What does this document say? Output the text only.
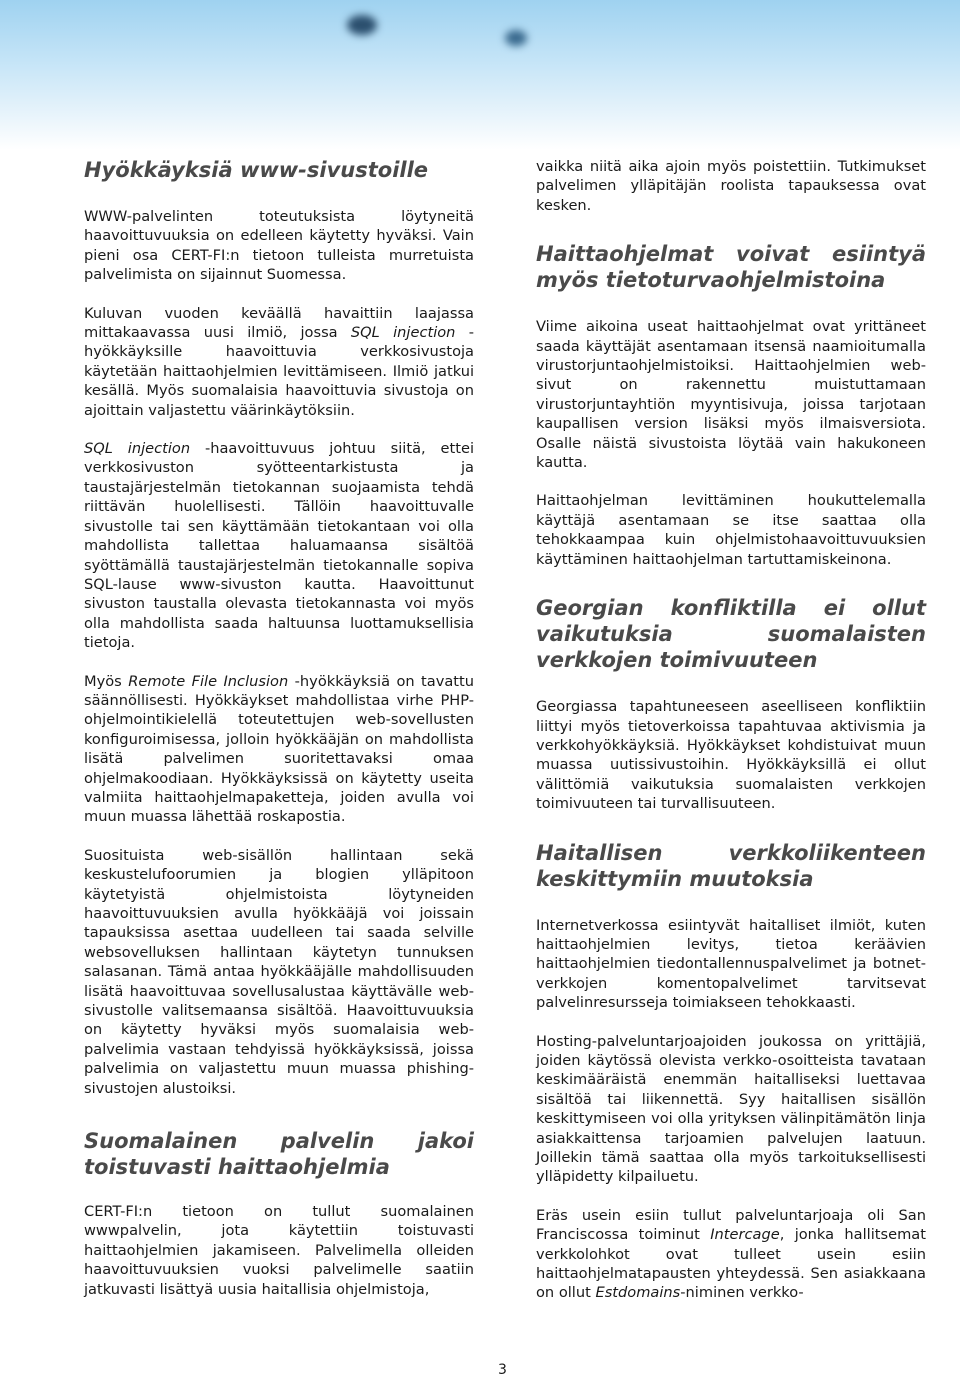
Hyökkäyksiä www-sivustoille

WWW-palvelinten toteutuksista löytyneitä haavoittuvuuksia on edelleen käytetty hyväksi. Vain pieni osa CERT-FI:n tietoon tulleista murretuista palvelimista on sijainnut Suomessa.

Kuluvan vuoden keväällä havaittiin laajassa mittakaavassa uusi ilmiö, jossa SQL injection -hyökkäyksille haavoittuvia verkkosivustoja käytetään haittaohjelmien levittämiseen. Ilmiö jatkui kesällä. Myös suomalaisia haavoittuvia sivustoja on ajoittain valjastettu väärinkäytöksiin.

SQL injection -haavoittuvuus johtuu siitä, ettei verkkosivuston syötteentarkistusta ja taustajärjestelmän tietokannan suojaamista tehdä riittävän huolellisesti. Tällöin haavoittuvalle sivustolle tai sen käyttämään tietokantaan voi olla mahdollista tallettaa haluamaansa sisältöä syöttämällä taustajärjestelmän tietokannalle sopiva SQL-lause www-sivuston kautta. Haavoittunut sivuston taustalla olevasta tietokannasta voi myös olla mahdollista saada haltuunsa luottamuksellisia tietoja.

Myös Remote File Inclusion -hyökkäyksiä on tavattu säännöllisesti. Hyökkäykset mahdollistaa virhe PHP-ohjelmointikielellä toteutettujen web-sovellusten konfiguroimisessa, jolloin hyökkääjän on mahdollista lisätä palvelimen suoritettavaksi omaa ohjelmakoodiaan. Hyökkäyksissä on käytetty useita valmiita haittaohjelmapaketteja, joiden avulla voi muun muassa lähettää roskapostia.

Suosituista web-sisällön hallintaan sekä keskustelufoorumien ja blogien ylläpitoon käytetyistä ohjelmistoista löytyneiden haavoittuvuuksien avulla hyökkääjä voi joissain tapauksissa asettaa uudelleen tai saada selville websovelluksen hallintaan käytetyn tunnuksen salasanan. Tämä antaa hyökkääjälle mahdollisuuden lisätä haavoittuvaa sovellusalustaa käyttävälle web-sivustolle valitsemaansa sisältöä. Haavoittuvuuksia on käytetty hyväksi myös suomalaisia web-palvelimia vastaan tehdyissä hyökkäyksissä, joissa palvelimia on valjastettu muun muassa phishing-sivustojen alustoiksi.

Suomalainen palvelin jakoi toistuvasti haittaohjelmia

CERT-FI:n tietoon on tullut suomalainen wwwpalvelin, jota käytettiin toistuvasti haittaohjelmien jakamiseen. Palvelimella olleiden haavoittuvuuksien vuoksi palvelimelle saatiin jatkuvasti lisättyä uusia haitallisia ohjelmistoja,

vaikka niitä aika ajoin myös poistettiin. Tutkimukset palvelimen ylläpitäjän roolista tapauksessa ovat kesken.

Haittaohjelmat voivat esiintyä myös tietoturvaohjelmistoina

Viime aikoina useat haittaohjelmat ovat yrittäneet saada käyttäjät asentamaan itsensä naamioitumalla virustorjuntaohjelmistoiksi. Haittaohjelmien web-sivut on rakennettu muistuttamaan virustorjuntayhtiön myyntisivuja, joissa tarjotaan kaupallisen version lisäksi myös ilmaisversiota. Osalle näistä sivustoista löytää vain hakukoneen kautta.

Haittaohjelman levittäminen houkuttelemalla käyttäjä asentamaan se itse saattaa olla tehokkaampaa kuin ohjelmistohaavoittuvuuksien käyttäminen haittaohjelman tartuttamiskeinona.

Georgian konfliktilla ei ollut vaikutuksia suomalaisten verkkojen toimivuuteen

Georgiassa tapahtuneeseen aseelliseen konfliktiin liittyi myös tietoverkoissa tapahtuvaa aktivismia ja verkkohyökkäyksiä. Hyökkäykset kohdistuivat muun muassa uutissivustoihin. Hyökkäyksillä ei ollut välittömiä vaikutuksia suomalaisten verkkojen toimivuuteen tai turvallisuuteen.

Haitallisen verkkoliikenteen keskittymiin muutoksia

Internetverkossa esiintyvät haitalliset ilmiöt, kuten haittaohjelmien levitys, tietoa keräävien haittaohjelmien tiedontallennuspalvelimet ja botnet-verkkojen komentopalvelimet tarvitsevat palvelinresursseja toimiakseen tehokkaasti.

Hosting-palveluntarjoajoiden joukossa on yrittäjiä, joiden käytössä olevista verkko-osoitteista tavataan keskimääräistä enemmän haitalliseksi luettavaa sisältöä tai liikennettä. Syy haitallisen sisällön keskittymiseen voi olla yrityksen välinpitämätön linja asiakkaittensa tarjoamien palvelujen laatuun. Joillekin tämä saattaa olla myös tarkoituksellisesti ylläpidetty kilpailuetu.

Eräs usein esiin tullut palveluntarjoaja oli San Franciscossa toiminut Intercage, jonka hallitsemat verkkolohkot ovat tulleet usein esiin haittaohjelmatapausten yhteydessä. Sen asiakkaana on ollut Estdomains-niminen verkko-

3
